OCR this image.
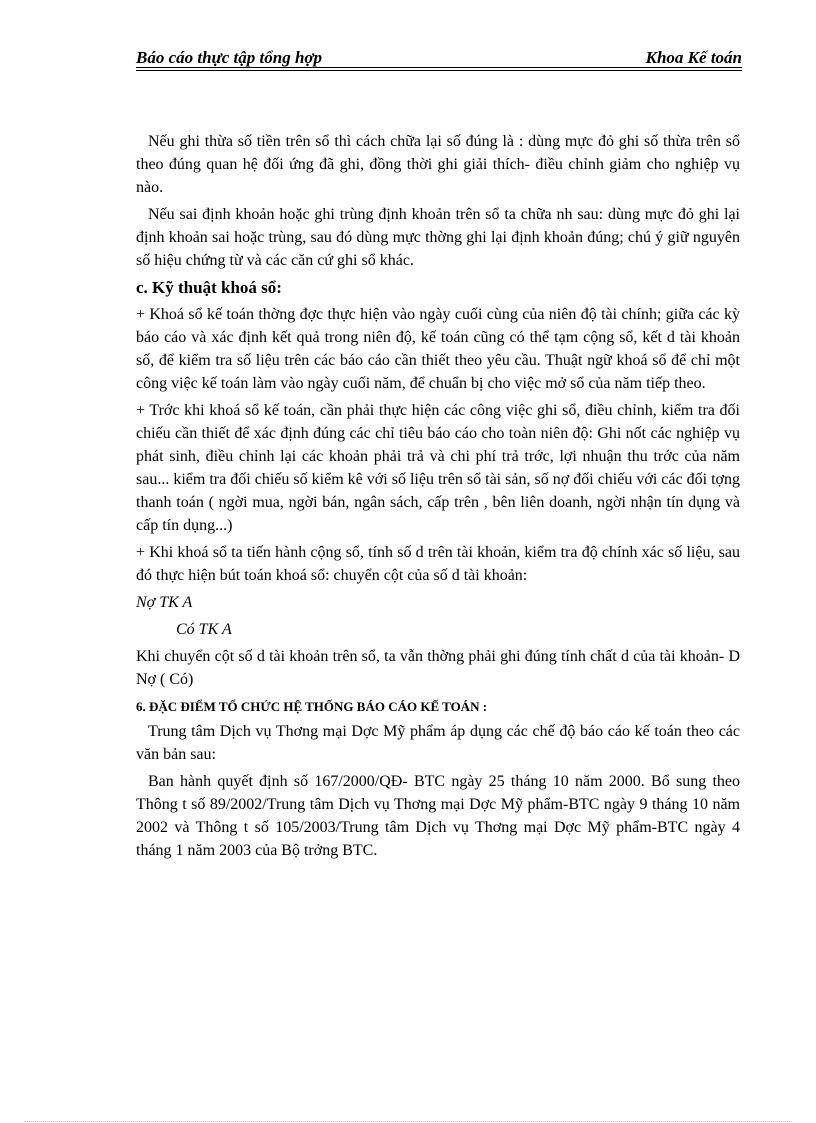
Báo cáo thực tập tổng hợp	Khoa Kế toán

Nếu ghi thừa số tiền trên sổ thì cách chữa lại số đúng là : dùng mực đỏ ghi số thừa trên sổ theo đúng quan hệ đối ứng đã ghi, đồng thời ghi giải thích- điều chỉnh giảm cho nghiệp vụ nào.

Nếu sai định khoản hoặc ghi trùng định khoản trên sổ ta chữa nh sau: dùng mực đỏ ghi lại định khoản sai hoặc trùng, sau đó dùng mực thờng ghi lại định khoản đúng; chú ý giữ nguyên số hiệu chứng từ và các căn cứ ghi sổ khác.

c. Kỹ thuật khoá sổ:

+ Khoá sổ kế toán thờng đợc thực hiện vào ngày cuối cùng của niên độ tài chính; giữa các kỳ báo cáo và xác định kết quả trong niên độ, kế toán cũng có thể tạm cộng sổ, kết d tài khoản số, để kiểm tra số liệu trên các báo cáo cần thiết theo yêu cầu. Thuật ngữ khoá sổ để chỉ một công việc kế toán làm vào ngày cuối năm, để chuẩn bị cho việc mở sổ của năm tiếp theo.

+ Trớc khi khoá sổ kế toán, cần phải thực hiện các công việc ghi sổ, điều chỉnh, kiểm tra đối chiếu cần thiết để xác định đúng các chỉ tiêu báo cáo cho toàn niên độ: Ghi nốt các nghiệp vụ phát sinh, điều chỉnh lại các khoản phải trả và chi phí trả trớc, lợi nhuận thu trớc của năm sau... kiểm tra đối chiếu số kiểm kê với số liệu trên sổ tài sản, số nợ đối chiếu với các đối tợng thanh toán ( ngời mua, ngời bán, ngân sách, cấp trên , bên liên doanh, ngời nhận tín dụng và cấp tín dụng...)

+ Khi khoá sổ ta tiến hành cộng sổ, tính số d trên tài khoản, kiểm tra độ chính xác số liệu, sau đó thực hiện bút toán khoá sổ: chuyển cột của số d tài khoản:

Nợ TK A

Có TK A

Khi chuyển cột số d tài khoản trên sổ, ta vẫn thờng phải ghi đúng tính chất d của tài khoản- D Nợ ( Có)

6. ĐẶC ĐIỂM TỔ CHỨC HỆ THỐNG BÁO CÁO KẾ TOÁN :

Trung tâm Dịch vụ Thơng mại Dợc Mỹ phẩm áp dụng các chế độ báo cáo kế toán theo các văn bản sau:

Ban hành quyết định số 167/2000/QĐ- BTC ngày 25 tháng 10 năm 2000. Bổ sung theo Thông t số 89/2002/Trung tâm Dịch vụ Thơng mại Dợc Mỹ phẩm-BTC ngày 9 tháng 10 năm 2002 và Thông t số 105/2003/Trung tâm Dịch vụ Thơng mại Dợc Mỹ phẩm-BTC ngày 4 tháng 1 năm 2003 của Bộ trởng BTC.
